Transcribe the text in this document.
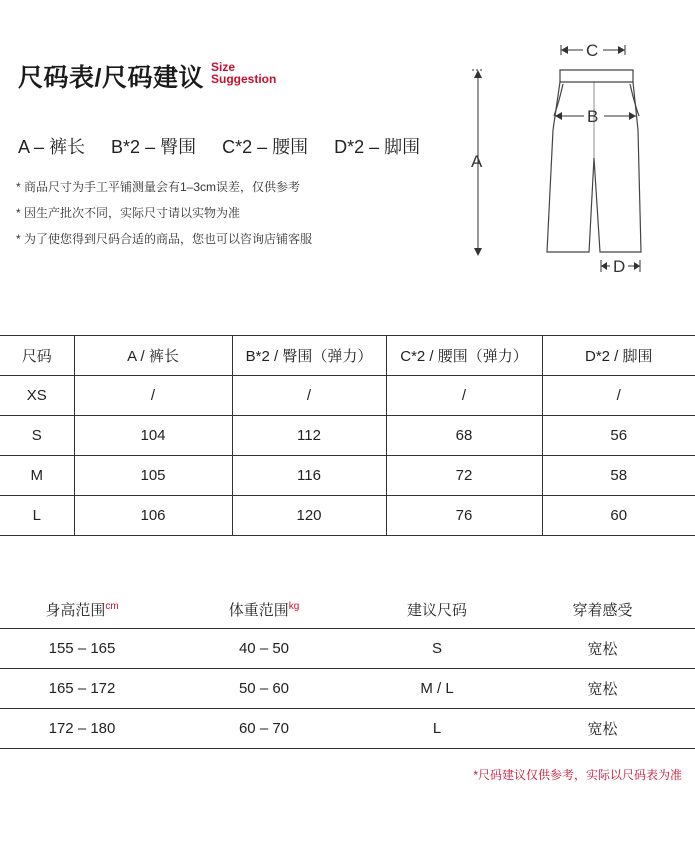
尺码表/尺码建议 Size
Suggestion
A – 裤长 B*2 – 臀围 C*2 – 腰围 D*2 – 脚围
* 商品尺寸为手工平铺测量会有1–3cm误差，仅供参考
* 因生产批次不同，实际尺寸请以实物为准
* 为了使您得到尺码合适的商品，您也可以咨询店铺客服
A
C
B
D
尺码	A / 裤长	B*2 / 臀围（弹力）	C*2 / 腰围（弹力）	D*2 / 脚围
XS	/	/	/	/
S	104	112	68	56
M	105	116	72	58
L	106	120	76	60
身高范围$^{cm}$	体重范围$^{kg}$	建议尺码	穿着感受
155 – 165	40 – 50	S	宽松
165 – 172	50 – 60	M / L	宽松
172 – 180	60 – 70	L	宽松
*尺码建议仅供参考，实际以尺码表为准
